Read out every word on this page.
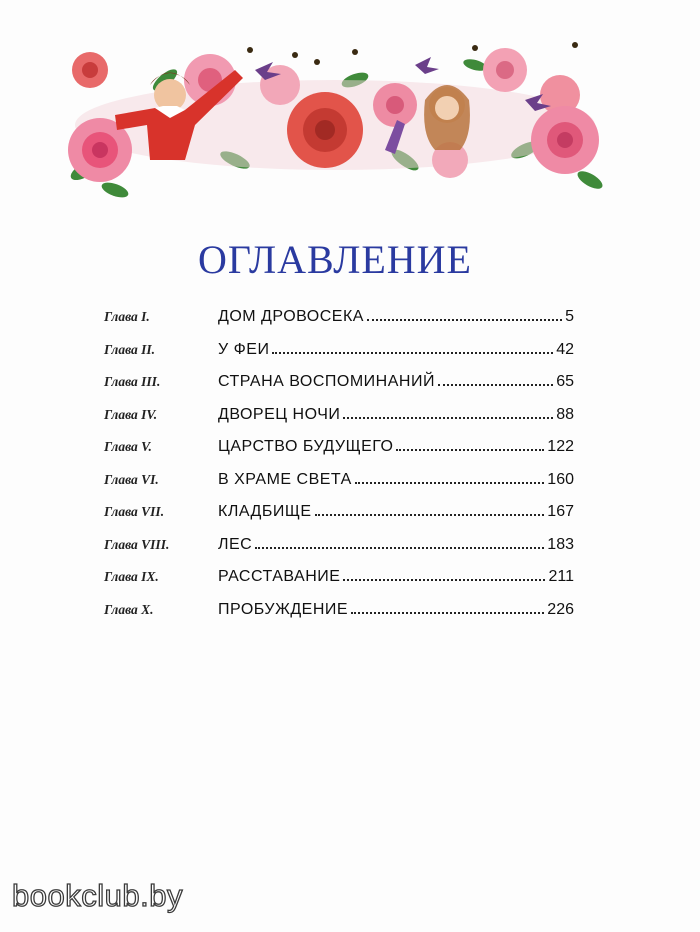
ОГЛАВЛЕНИЕ
Глава I.	ДОМ ДРОВОСЕКА	5
Глава II.	У ФЕИ	42
Глава III.	СТРАНА ВОСПОМИНАНИЙ	65
Глава IV.	ДВОРЕЦ НОЧИ	88
Глава V.	ЦАРСТВО БУДУЩЕГО	122
Глава VI.	В ХРАМЕ СВЕТА	160
Глава VII.	КЛАДБИЩЕ	167
Глава VIII.	ЛЕС	183
Глава IX.	РАССТАВАНИЕ	211
Глава X.	ПРОБУЖДЕНИЕ	226
bookclub.by
